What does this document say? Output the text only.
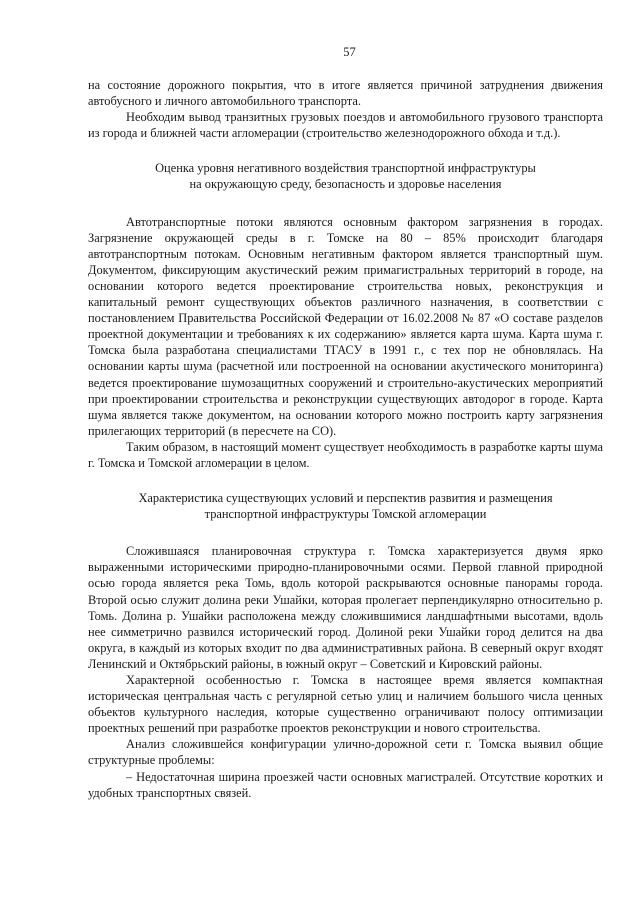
57

на состояние дорожного покрытия, что в итоге является причиной затруднения движения автобусного и личного автомобильного транспорта.

Необходим вывод транзитных грузовых поездов и автомобильного грузового транспорта из города и ближней части агломерации (строительство железнодорожного обхода и т.д.).

Оценка уровня негативного воздействия транспортной инфраструктуры
на окружающую среду, безопасность и здоровье населения

Автотранспортные потоки являются основным фактором загрязнения в городах. Загрязнение окружающей среды в г. Томске на 80 – 85% происходит благодаря автотранспортным потокам. Основным негативным фактором является транспортный шум. Документом, фиксирующим акустический режим примагистральных территорий в городе, на основании которого ведется проектирование строительства новых, реконструкция и капитальный ремонт существующих объектов различного назначения, в соответствии с постановлением Правительства Российской Федерации от 16.02.2008 № 87 «О составе разделов проектной документации и требованиях к их содержанию» является карта шума. Карта шума г. Томска была разработана специалистами ТГАСУ в 1991 г., с тех пор не обновлялась. На основании карты шума (расчетной или построенной на основании акустического мониторинга) ведется проектирование шумозащитных сооружений и строительно-акустических мероприятий при проектировании строительства и реконструкции существующих автодорог в городе. Карта шума является также документом, на основании которого можно построить карту загрязнения прилегающих территорий (в пересчете на СО).

Таким образом, в настоящий момент существует необходимость в разработке карты шума г. Томска и Томской агломерации в целом.

Характеристика существующих условий и перспектив развития и размещения
транспортной инфраструктуры Томской агломерации

Сложившаяся планировочная структура г. Томска характеризуется двумя ярко выраженными историческими природно-планировочными осями. Первой главной природной осью города является река Томь, вдоль которой раскрываются основные панорамы города. Второй осью служит долина реки Ушайки, которая пролегает перпендикулярно относительно р. Томь. Долина р. Ушайки расположена между сложившимися ландшафтными высотами, вдоль нее симметрично развился исторический город. Долиной реки Ушайки город делится на два округа, в каждый из которых входит по два административных района. В северный округ входят Ленинский и Октябрьский районы, в южный округ – Советский и Кировский районы.

Характерной особенностью г. Томска в настоящее время является компактная историческая центральная часть с регулярной сетью улиц и наличием большого числа ценных объектов культурного наследия, которые существенно ограничивают полосу оптимизации проектных решений при разработке проектов реконструкции и нового строительства.

Анализ сложившейся конфигурации улично-дорожной сети г. Томска выявил общие структурные проблемы:

– Недостаточная ширина проезжей части основных магистралей. Отсутствие коротких и удобных транспортных связей.
